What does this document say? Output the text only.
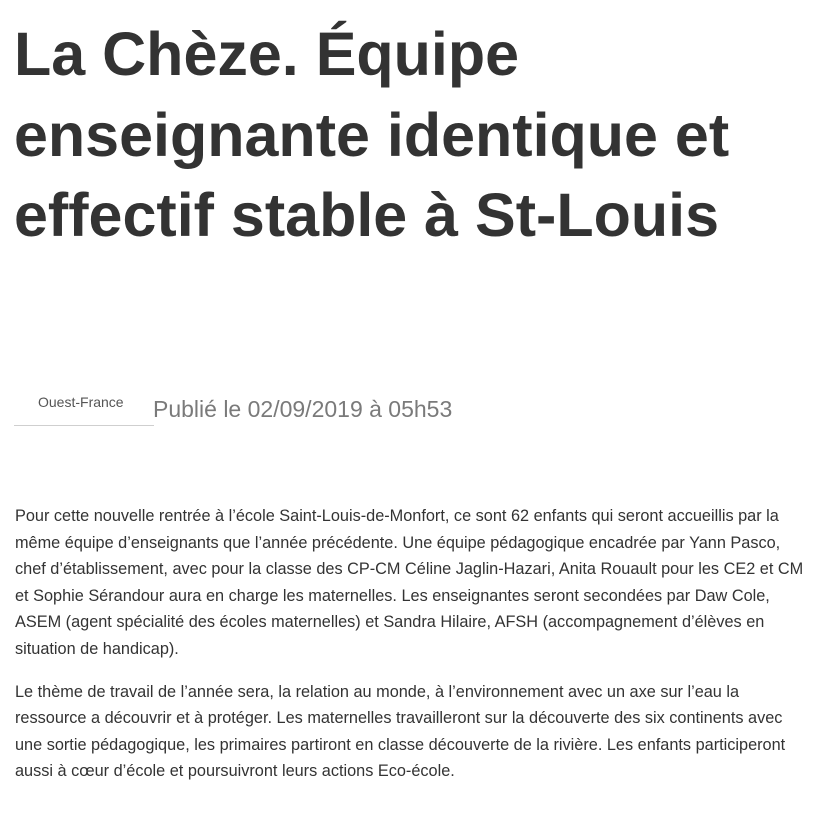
La Chèze. Équipe enseignante identique et effectif stable à St-Louis
Ouest-France Publié le 02/09/2019 à 05h53

Pour cette nouvelle rentrée à l’école Saint-Louis-de-Monfort, ce sont 62 enfants qui seront accueillis par la même équipe d’enseignants que l’année précédente. Une équipe pédagogique encadrée par Yann Pasco, chef d’établissement, avec pour la classe des CP-CM Céline Jaglin-Hazari, Anita Rouault pour les CE2 et CM et Sophie Sérandour aura en charge les maternelles. Les enseignantes seront secondées par Daw Cole, ASEM (agent spécialité des écoles maternelles) et Sandra Hilaire, AFSH (accompagnement d’élèves en situation de handicap).

Le thème de travail de l’année sera, la relation au monde, à l’environnement avec un axe sur l’eau la ressource a découvrir et à protéger. Les maternelles travailleront sur la découverte des six continents avec une sortie pédagogique, les primaires partiront en classe découverte de la rivière. Les enfants participeront aussi à cœur d’école et poursuivront leurs actions Eco-école.
